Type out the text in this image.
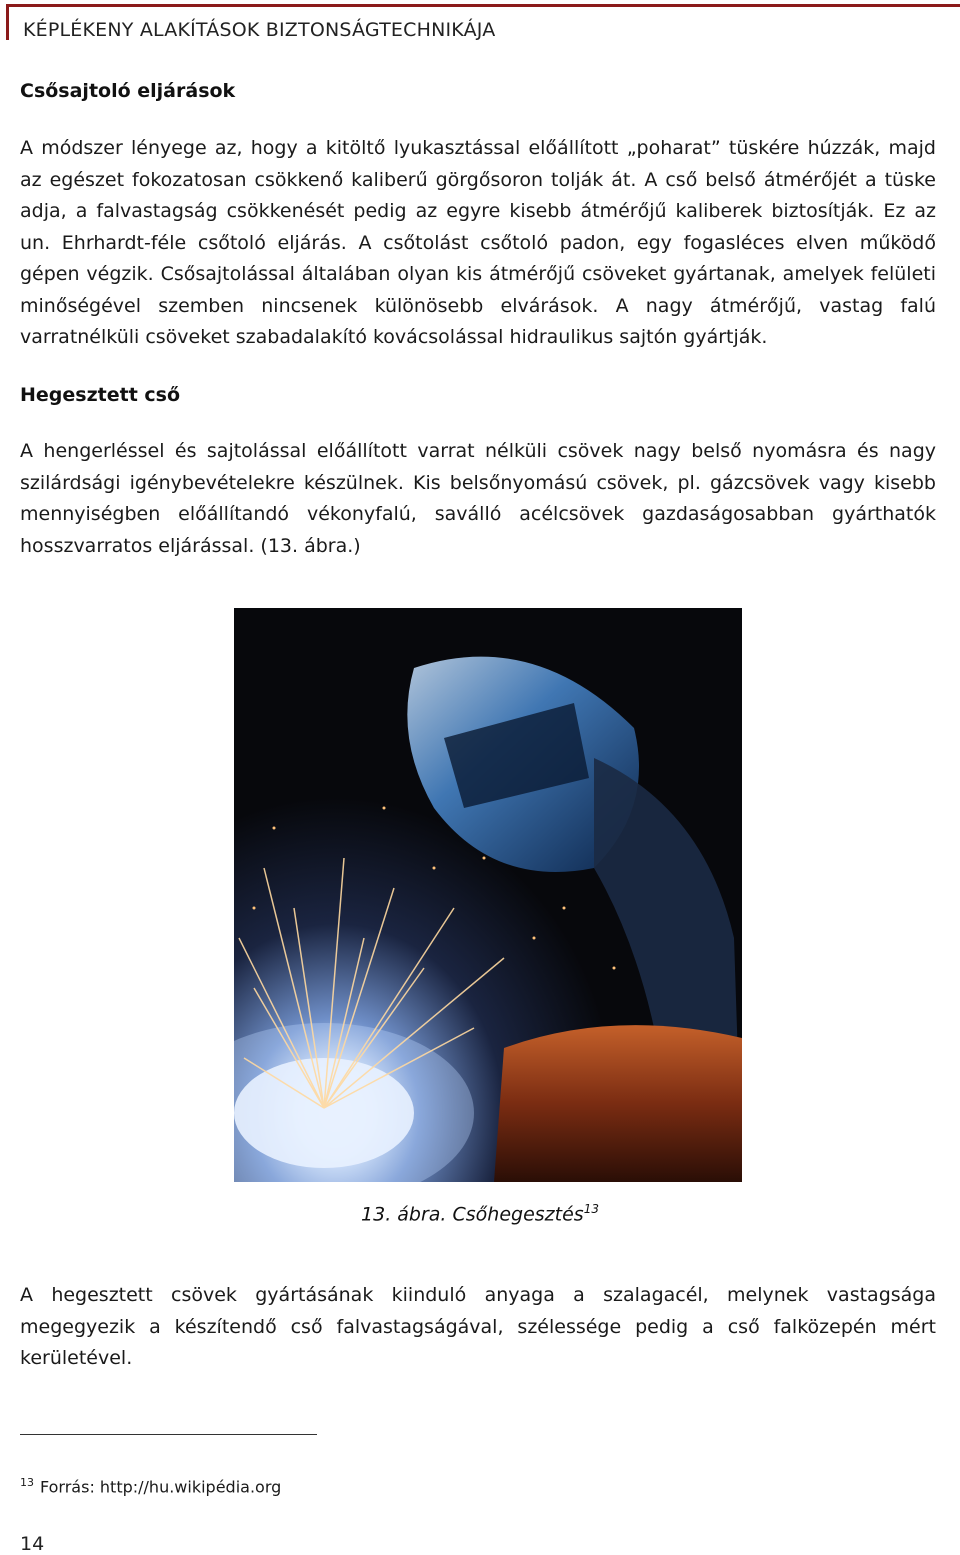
KÉPLÉKENY ALAKÍTÁSOK BIZTONSÁGTECHNIKÁJA
Csősajtoló eljárások
A módszer lényege az, hogy a kitöltő lyukasztással előállított „poharat” tüskére húzzák, majd az egészet fokozatosan csökkenő kaliberű görgősoron tolják át. A cső belső átmérőjét a tüske adja, a falvastagság csökkenését pedig az egyre kisebb átmérőjű kaliberek biztosítják. Ez az un. Ehrhardt-féle csőtoló eljárás. A csőtolást csőtoló padon, egy fogasléces elven működő gépen végzik. Csősajtolással általában olyan kis átmérőjű csöveket gyártanak, amelyek felületi minőségével szemben nincsenek különösebb elvárások. A nagy átmérőjű, vastag falú varratnélküli csöveket szabadalakító kovácsolással hidraulikus sajtón gyártják.
Hegesztett cső
A hengerléssel és sajtolással előállított varrat nélküli csövek nagy belső nyomásra és nagy szilárdsági igénybevételekre készülnek. Kis belsőnyomású csövek, pl. gázcsövek vagy kisebb mennyiségben előállítandó vékonyfalú, saválló acélcsövek gazdaságosabban gyárthatók hosszvarratos eljárással. (13. ábra.)
13. ábra. Csőhegesztés$^{13}$
A hegesztett csövek gyártásának kiinduló anyaga a szalagacél, melynek vastagsága megegyezik a készítendő cső falvastagságával, szélessége pedig a cső falközepén mért kerületével.
$^{13}$ Forrás: http://hu.wikipédia.org
14
